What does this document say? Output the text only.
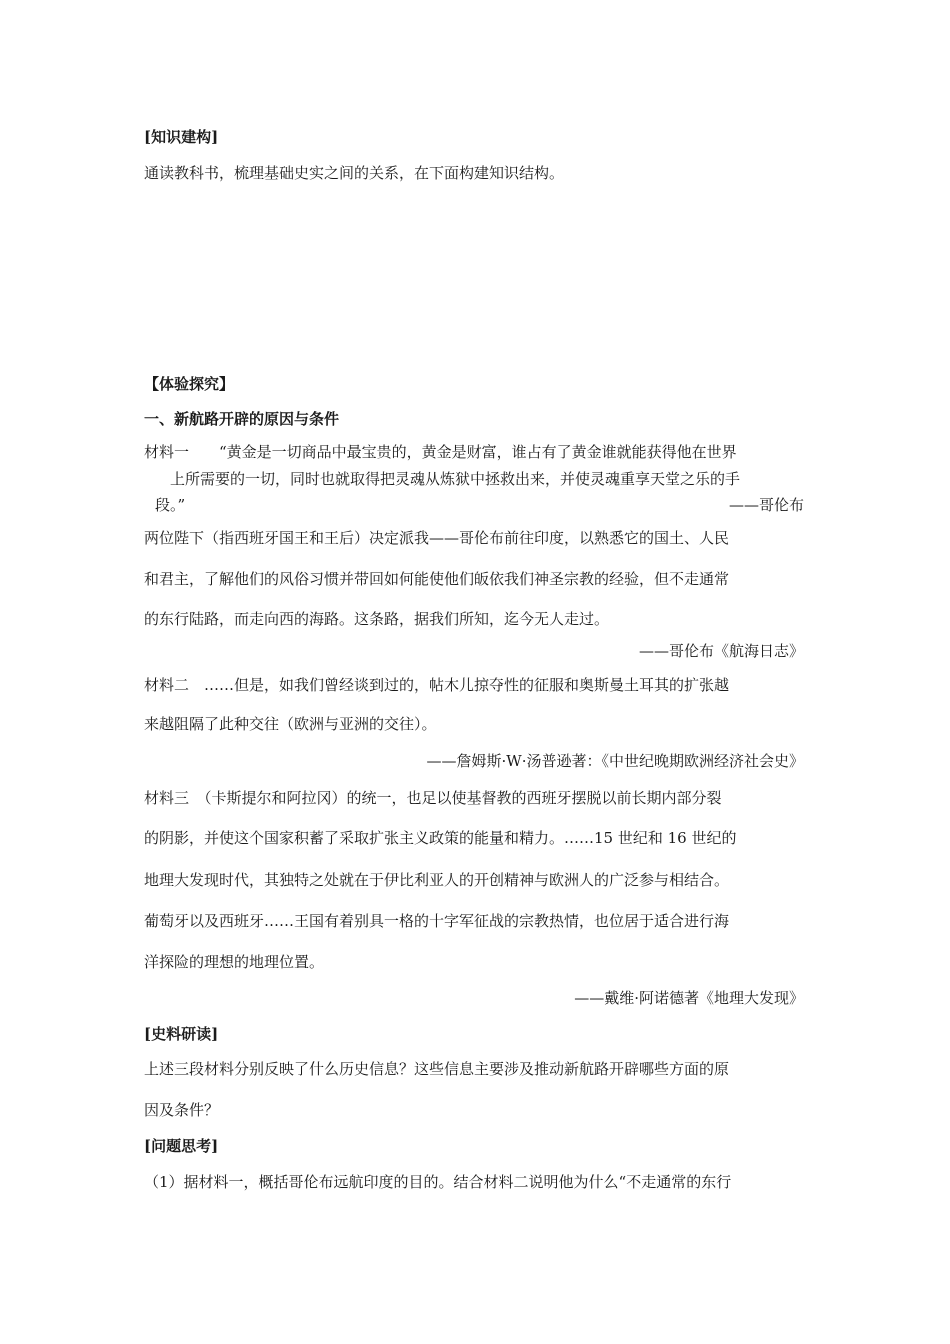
[知识建构]
通读教科书，梳理基础史实之间的关系，在下面构建知识结构。
【体验探究】
一、新航路开辟的原因与条件
材料一　　“黄金是一切商品中最宝贵的，黄金是财富，谁占有了黄金谁就能获得他在世界
上所需要的一切，同时也就取得把灵魂从炼狱中拯救出来，并使灵魂重享天堂之乐的手
段。”	——哥伦布
两位陛下（指西班牙国王和王后）决定派我——哥伦布前往印度，以熟悉它的国土、人民
和君主，了解他们的风俗习惯并带回如何能使他们皈依我们神圣宗教的经验，但不走通常
的东行陆路，而走向西的海路。这条路，据我们所知，迄今无人走过。
——哥伦布《航海日志》
材料二　……但是，如我们曾经谈到过的，帖木儿掠夺性的征服和奥斯曼土耳其的扩张越
来越阻隔了此种交往（欧洲与亚洲的交往）。
——詹姆斯·W·汤普逊著：《中世纪晚期欧洲经济社会史》
材料三　（卡斯提尔和阿拉冈）的统一，也足以使基督教的西班牙摆脱以前长期内部分裂
的阴影，并使这个国家积蓄了采取扩张主义政策的能量和精力。……15 世纪和 16 世纪的
地理大发现时代，其独特之处就在于伊比利亚人的开创精神与欧洲人的广泛参与相结合。
葡萄牙以及西班牙……王国有着别具一格的十字军征战的宗教热情，也位居于适合进行海
洋探险的理想的地理位置。
——戴维·阿诺德著《地理大发现》
[史料研读]
上述三段材料分别反映了什么历史信息？这些信息主要涉及推动新航路开辟哪些方面的原
因及条件？
[问题思考]
（1）据材料一，概括哥伦布远航印度的目的。结合材料二说明他为什么“不走通常的东行
